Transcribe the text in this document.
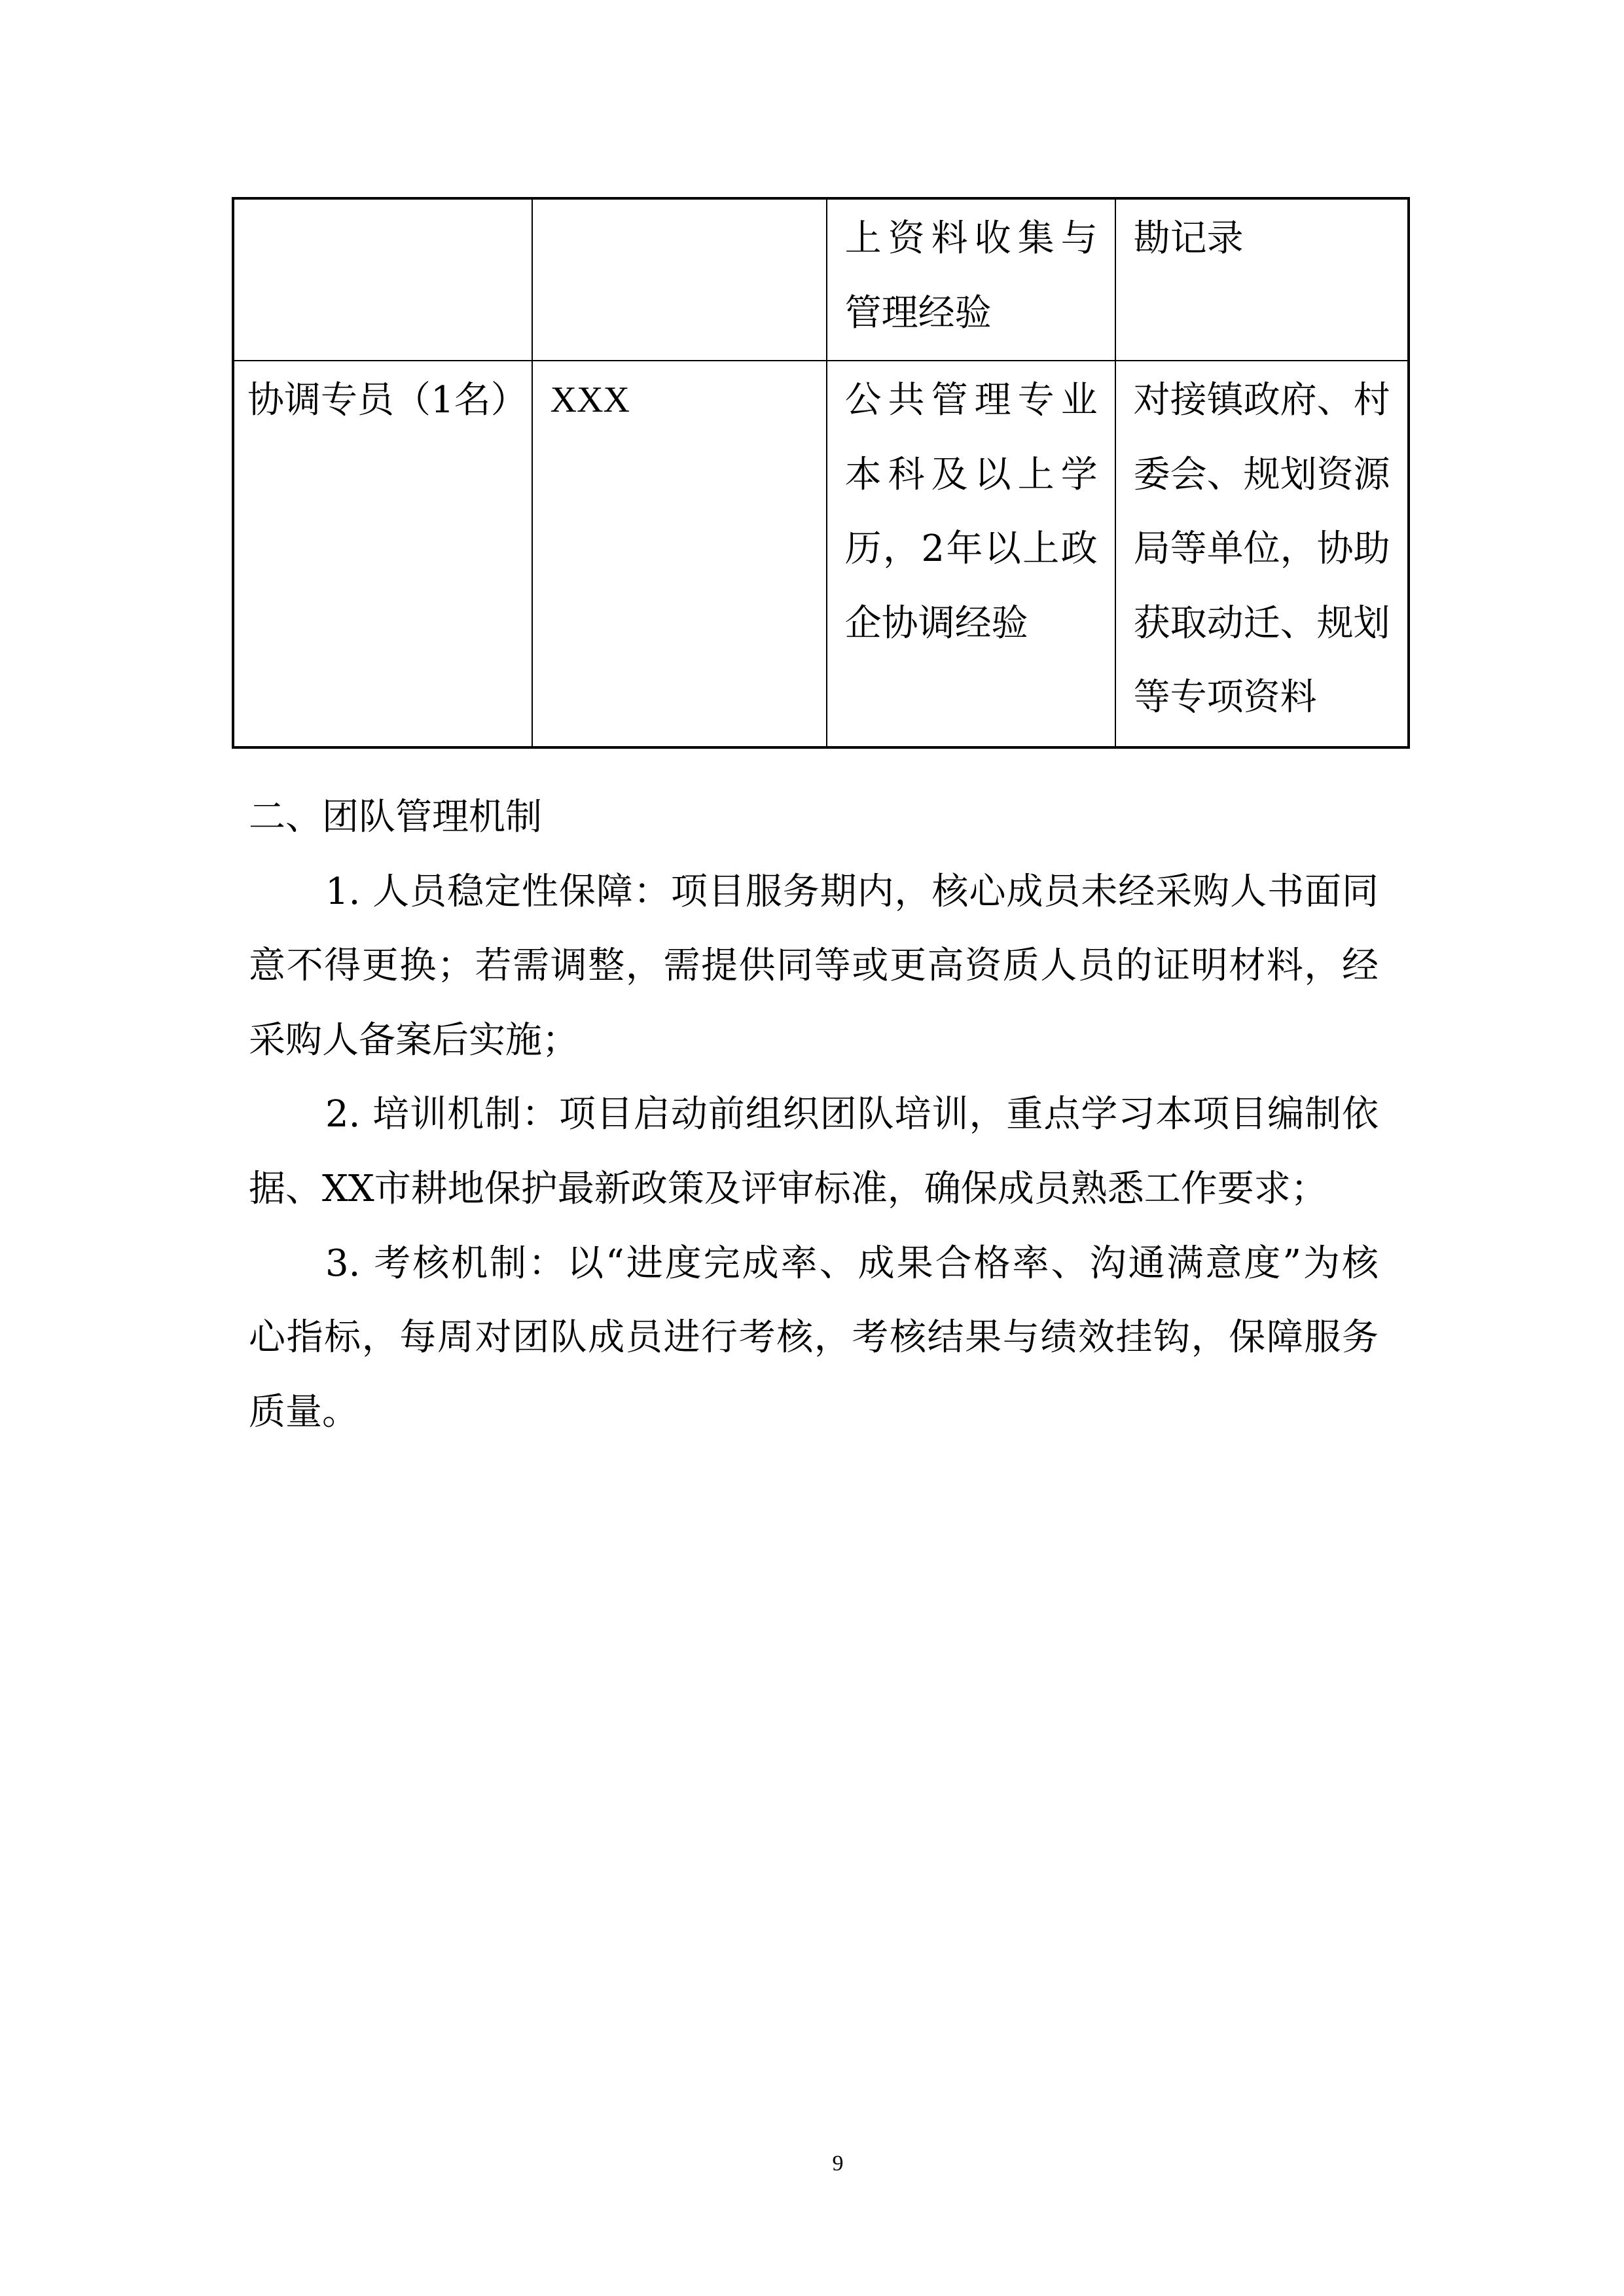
		上资料收集与
管理经验	勘记录

协调专员（1名）	XXX	公共管理专业
本科及以上学
历，2年以上政
企协调经验	对接镇政府、村
委会、规划资源
局等单位，协助
获取动迁、规划
等专项资料
二、团队管理机制
1. 人员稳定性保障：项目服务期内，核心成员未经采购人书面同
意不得更换；若需调整，需提供同等或更高资质人员的证明材料，经
采购人备案后实施；
2. 培训机制：项目启动前组织团队培训，重点学习本项目编制依
据、XX市耕地保护最新政策及评审标准，确保成员熟悉工作要求；
3. 考核机制：以“进度完成率、成果合格率、沟通满意度”为核
心指标，每周对团队成员进行考核，考核结果与绩效挂钩，保障服务
质量。
9
